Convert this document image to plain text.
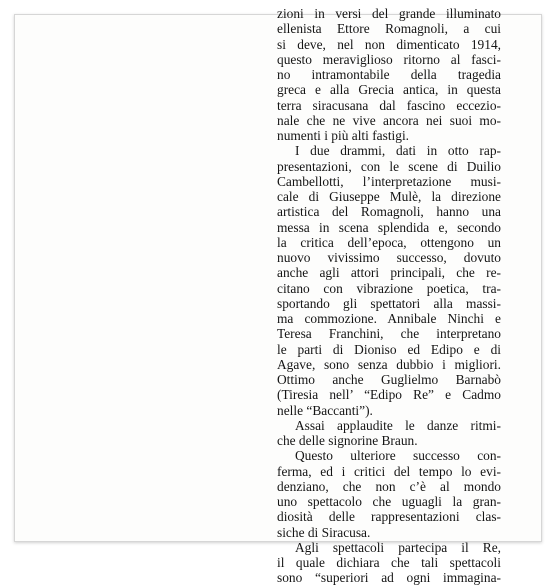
zioni in versi del grande illuminato
ellenista Ettore Romagnoli, a cui
si deve, nel non dimenticato 1914,
questo meraviglioso ritorno al fasci-
no intramontabile della tragedia
greca e alla Grecia antica, in questa
terra siracusana dal fascino eccezio-
nale che ne vive ancora nei suoi mo-
numenti i più alti fastigi.
I due drammi, dati in otto rap-
presentazioni, con le scene di Duilio
Cambellotti, l’interpretazione musi-
cale di Giuseppe Mulè, la direzione
artistica del Romagnoli, hanno una
messa in scena splendida e, secondo
la critica dell’epoca, ottengono un
nuovo vivissimo successo, dovuto
anche agli attori principali, che re-
citano con vibrazione poetica, tra-
sportando gli spettatori alla massi-
ma commozione. Annibale Ninchi e
Teresa Franchini, che interpretano
le parti di Dioniso ed Edipo e di
Agave, sono senza dubbio i migliori.
Ottimo anche Guglielmo Barnabò
(Tiresia nell’ “Edipo Re” e Cadmo
nelle “Baccanti”).
Assai applaudite le danze ritmi-
che delle signorine Braun.
Questo ulteriore successo con-
ferma, ed i critici del tempo lo evi-
denziano, che non c’è al mondo
uno spettacolo che uguagli la gran-
diosità delle rappresentazioni clas-
siche di Siracusa.
Agli spettacoli partecipa il Re,
il quale dichiara che tali spettacoli
sono “superiori ad ogni immagina-
